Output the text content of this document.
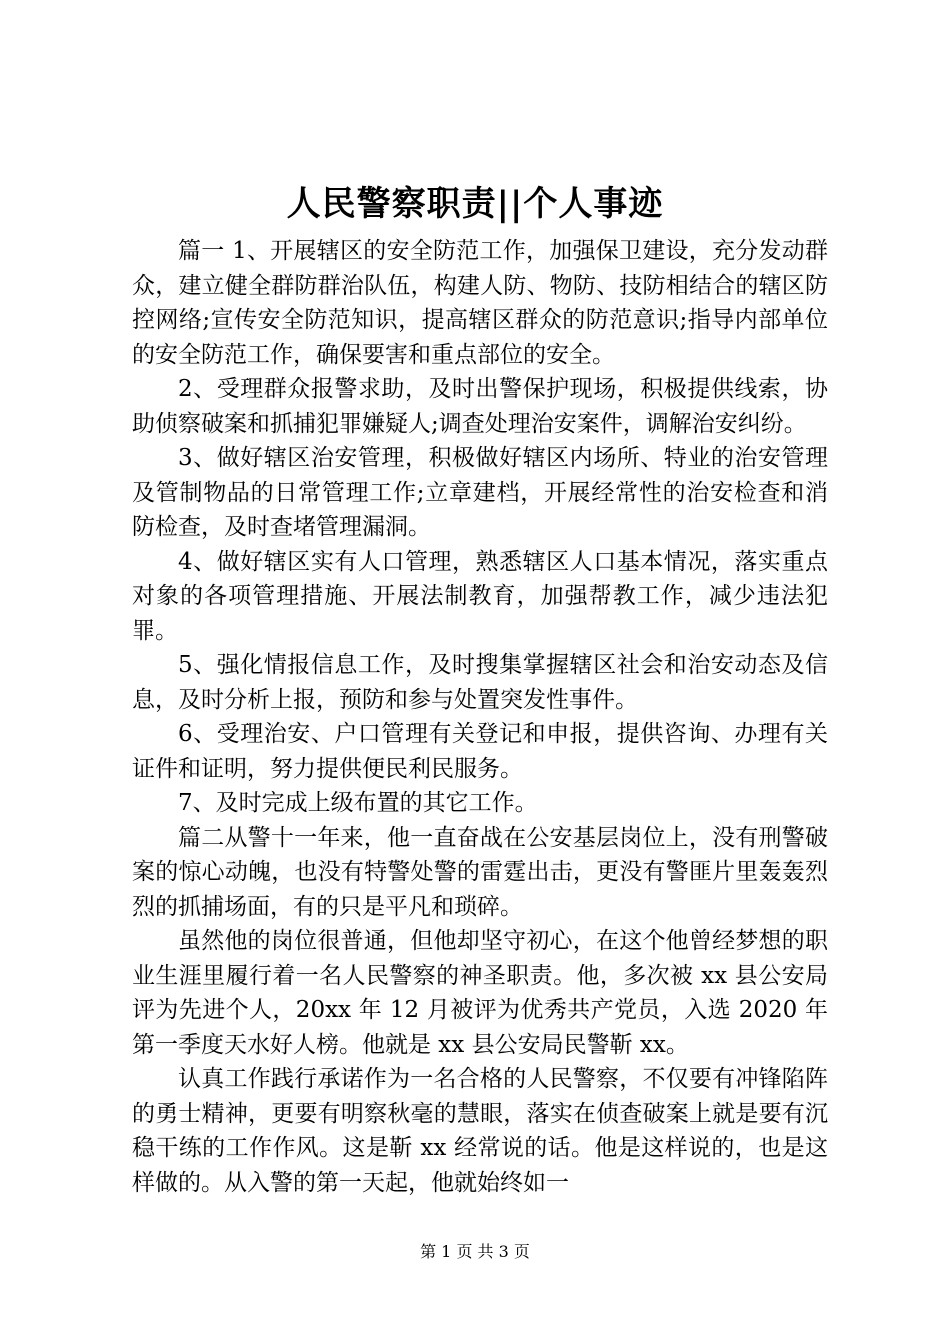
人民警察职责||个人事迹

篇一 1、开展辖区的安全防范工作，加强保卫建设，充分发动群众，建立健全群防群治队伍，构建人防、物防、技防相结合的辖区防控网络;宣传安全防范知识，提高辖区群众的防范意识;指导内部单位的安全防范工作，确保要害和重点部位的安全。

2、受理群众报警求助，及时出警保护现场，积极提供线索，协助侦察破案和抓捕犯罪嫌疑人;调查处理治安案件，调解治安纠纷。

3、做好辖区治安管理，积极做好辖区内场所、特业的治安管理及管制物品的日常管理工作;立章建档，开展经常性的治安检查和消防检查，及时查堵管理漏洞。

4、做好辖区实有人口管理，熟悉辖区人口基本情况，落实重点对象的各项管理措施、开展法制教育，加强帮教工作，减少违法犯罪。

5、强化情报信息工作，及时搜集掌握辖区社会和治安动态及信息，及时分析上报，预防和参与处置突发性事件。

6、受理治安、户口管理有关登记和申报，提供咨询、办理有关证件和证明，努力提供便民利民服务。

7、及时完成上级布置的其它工作。

篇二从警十一年来，他一直奋战在公安基层岗位上，没有刑警破案的惊心动魄，也没有特警处警的雷霆出击，更没有警匪片里轰轰烈烈的抓捕场面，有的只是平凡和琐碎。

虽然他的岗位很普通，但他却坚守初心，在这个他曾经梦想的职业生涯里履行着一名人民警察的神圣职责。他，多次被 xx 县公安局评为先进个人，20xx 年 12 月被评为优秀共产党员，入选 2020 年第一季度天水好人榜。他就是 xx 县公安局民警靳 xx。

认真工作践行承诺作为一名合格的人民警察，不仅要有冲锋陷阵的勇士精神，更要有明察秋毫的慧眼，落实在侦查破案上就是要有沉稳干练的工作作风。这是靳 xx 经常说的话。他是这样说的，也是这样做的。从入警的第一天起，他就始终如一

第 1 页 共 3 页
